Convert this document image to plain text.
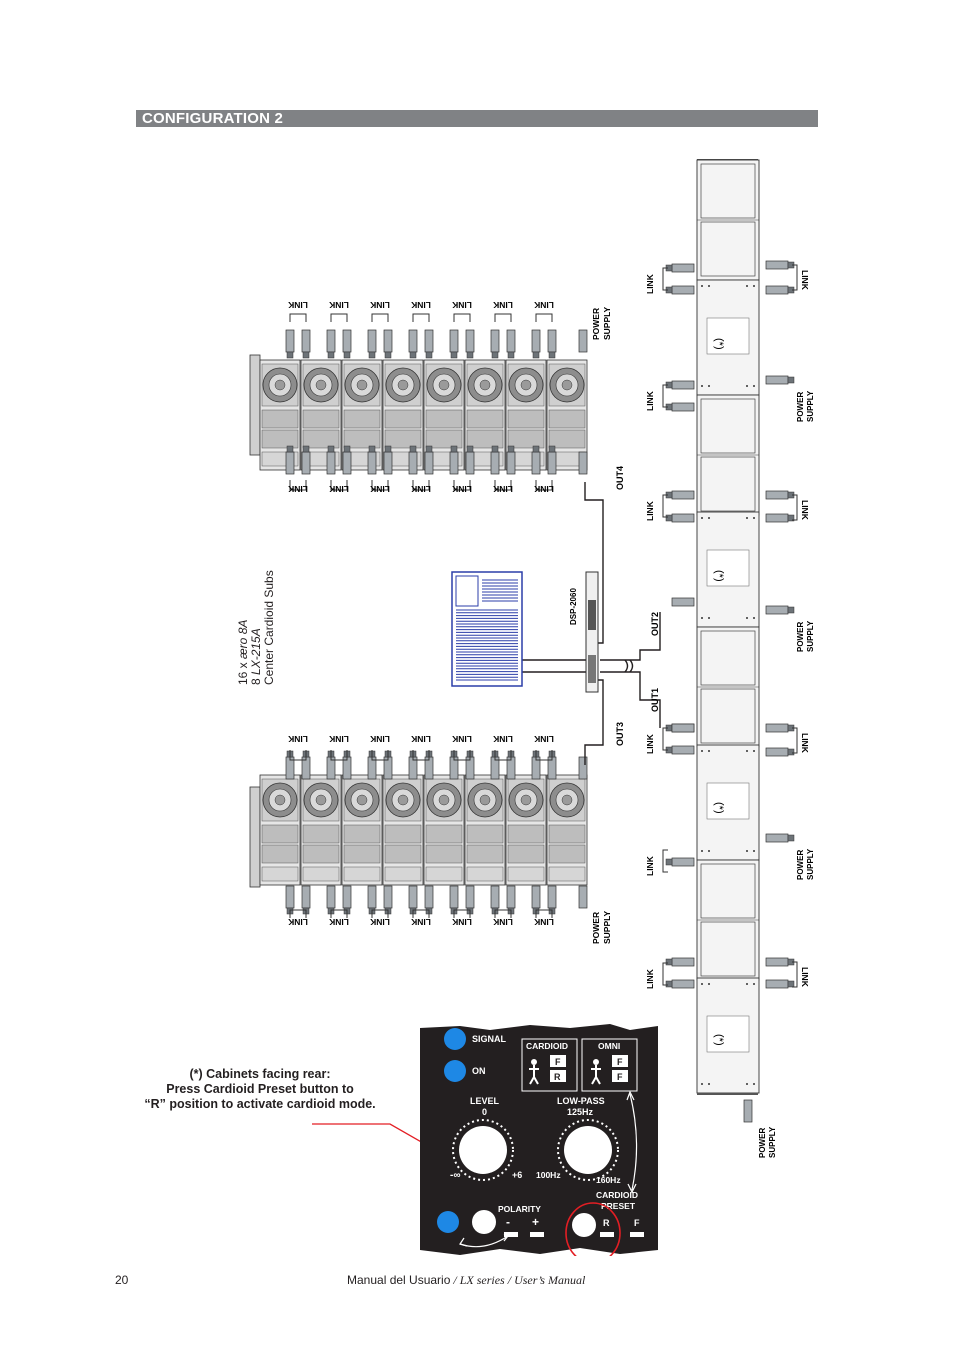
CONFIGURATION 2
16 x ær​o 8A
8 LX-215A Center Cardioid Subs
LINK LINK LINK LINK LINK LINK LINK
LINK LINK LINK LINK LINK LINK LINK
LINK LINK LINK LINK LINK LINK LINK
LINK LINK LINK LINK LINK LINK LINK
(*)
(*)
(*)
(*)
DSP-2060
OUT4
OUT3
OUT2
OUT1
POWER SUPPLY
POWER SUPPLY
LINK
LINK
LINK
LINK
LINK
LINK
LINK
LINK
LINK
LINK
POWER SUPPLY
POWER SUPPLY
POWER SUPPLY
POWER SUPPLY
SIGNAL
ON
CARDIOID	OMNI
F
R
F
F
LEVEL
0
LOW-PASS
125Hz
-∞	+6 100Hz	160Hz
CARDIOID
PRESET
POLARITY
- +	R	F
(*) Cabinets facing rear:
Press Cardioid Preset button to
“R” position to activate cardioid mode.
20	Manual del Usuario / LX series / User’s Manual
